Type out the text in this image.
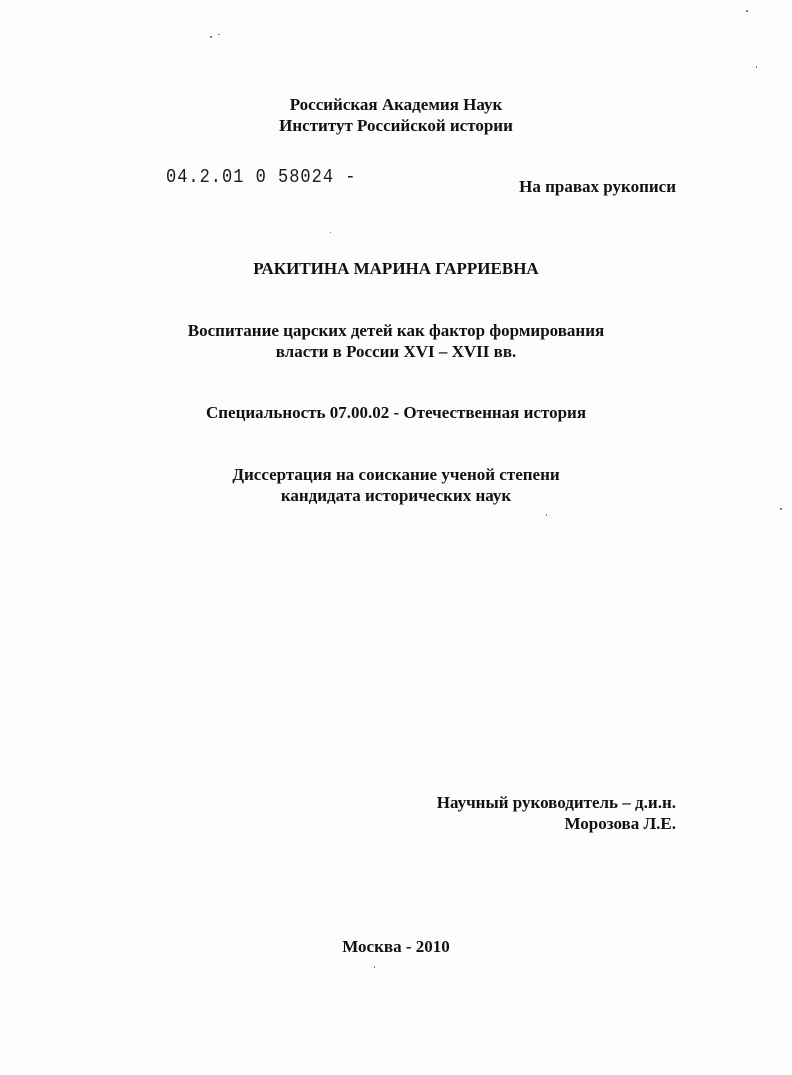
Российская Академия Наук
Институт Российской истории
04.2.01 0 58024 -	На правах рукописи
РАКИТИНА МАРИНА ГАРРИЕВНА
Воспитание царских детей как фактор формирования
власти в России XVI – XVII вв.
Специальность 07.00.02 - Отечественная история
Диссертация на соискание ученой степени
кандидата исторических наук
Научный руководитель – д.и.н.
Морозова Л.Е.
Москва - 2010
